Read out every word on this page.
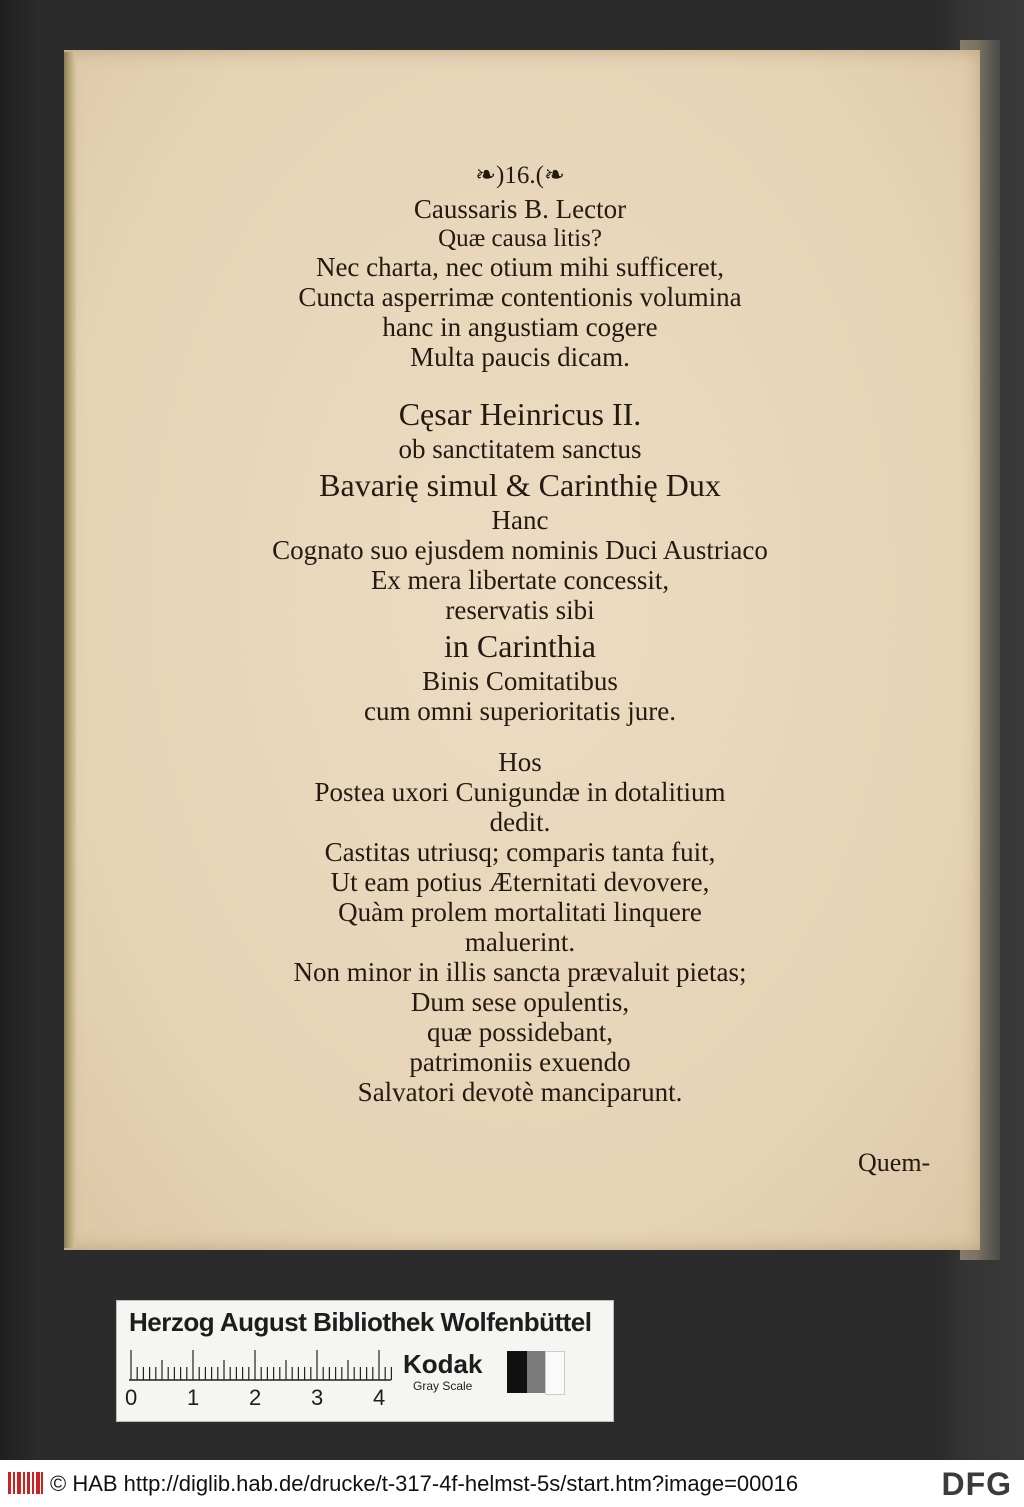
❧)16.(❧
Caussaris B. Lector
Quæ causa litis?
Nec charta, nec otium mihi sufficeret,
Cuncta asperrimæ contentionis volumina
hanc in angustiam cogere
Multa paucis dicam.
Cęsar Heinricus II.
ob sanctitatem sanctus
Bavarię simul & Carinthię Dux
Hanc
Cognato suo ejusdem nominis Duci Austriaco
Ex mera libertate concessit,
reservatis sibi
in Carinthia
Binis Comitatibus
cum omni superioritatis jure.
Hos
Postea uxori Cunigundæ in dotalitium
dedit.
Castitas utriusq; comparis tanta fuit,
Ut eam potius Æternitati devovere,
Quàm prolem mortalitati linquere
maluerint.
Non minor in illis sancta prævaluit pietas;
Dum sese opulentis,
quæ possidebant,
patrimoniis exuendo
Salvatori devotè manciparunt.
Quem-
Herzog August Bibliothek Wolfenbüttel
0 1 2 3 4
Kodak
Gray Scale
© HAB http://diglib.hab.de/drucke/t-317-4f-helmst-5s/start.htm?image=00016	DFG
